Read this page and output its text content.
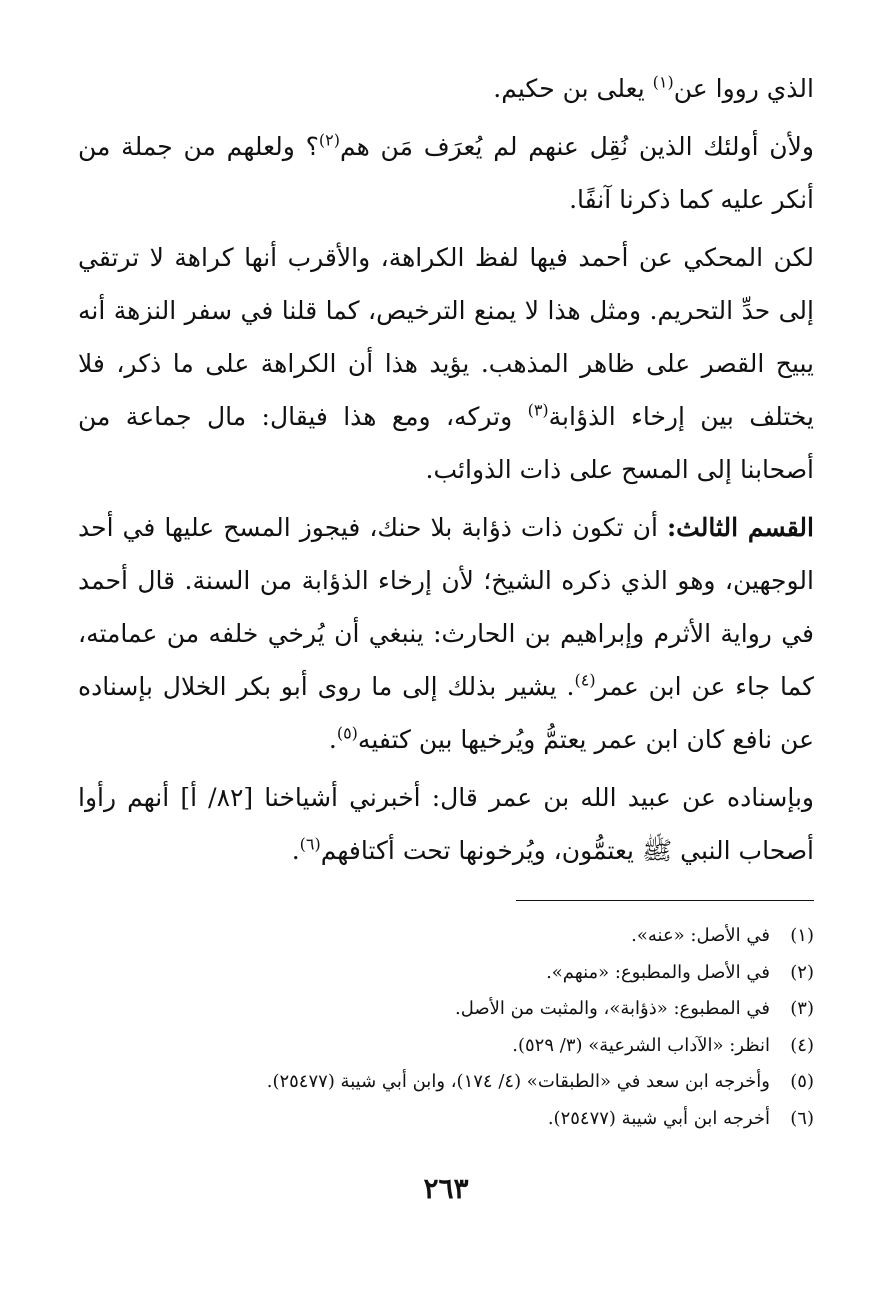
الذي رووا عن$^{(١)}$ يعلى بن حكيم.

ولأن أولئك الذين نُقِل عنهم لم يُعرَف مَن هم$^{(٢)}$؟ ولعلهم من جملة من أنكر عليه كما ذكرنا آنفًا.

لكن المحكي عن أحمد فيها لفظ الكراهة، والأقرب أنها كراهة لا ترتقي إلى حدِّ التحريم. ومثل هذا لا يمنع الترخيص، كما قلنا في سفر النزهة أنه يبيح القصر على ظاهر المذهب. يؤيد هذا أن الكراهة على ما ذكر، فلا يختلف بين إرخاء الذؤابة$^{(٣)}$ وتركه، ومع هذا فيقال: مال جماعة من أصحابنا إلى المسح على ذات الذوائب.

القسم الثالث: أن تكون ذات ذؤابة بلا حنك، فيجوز المسح عليها في أحد الوجهين، وهو الذي ذكره الشيخ؛ لأن إرخاء الذؤابة من السنة. قال أحمد في رواية الأثرم وإبراهيم بن الحارث: ينبغي أن يُرخي خلفه من عمامته، كما جاء عن ابن عمر$^{(٤)}$. يشير بذلك إلى ما روى أبو بكر الخلال بإسناده عن نافع كان ابن عمر يعتمُّ ويُرخيها بين كتفيه$^{(٥)}$.

وبإسناده عن عبيد الله بن عمر قال: أخبرني أشياخنا [٨٢/ أ] أنهم رأوا أصحاب النبي ﷺ يعتمُّون، ويُرخونها تحت أكتافهم$^{(٦)}$.

(١)في الأصل: «عنه».
(٢)في الأصل والمطبوع: «منهم».
(٣)في المطبوع: «ذؤابة»، والمثبت من الأصل.
(٤)انظر: «الآداب الشرعية» (٣/ ٥٢٩).
(٥)وأخرجه ابن سعد في «الطبقات» (٤/ ١٧٤)، وابن أبي شيبة (٢٥٤٧٧).
(٦)أخرجه ابن أبي شيبة (٢٥٤٧٧).
٢٦٣
